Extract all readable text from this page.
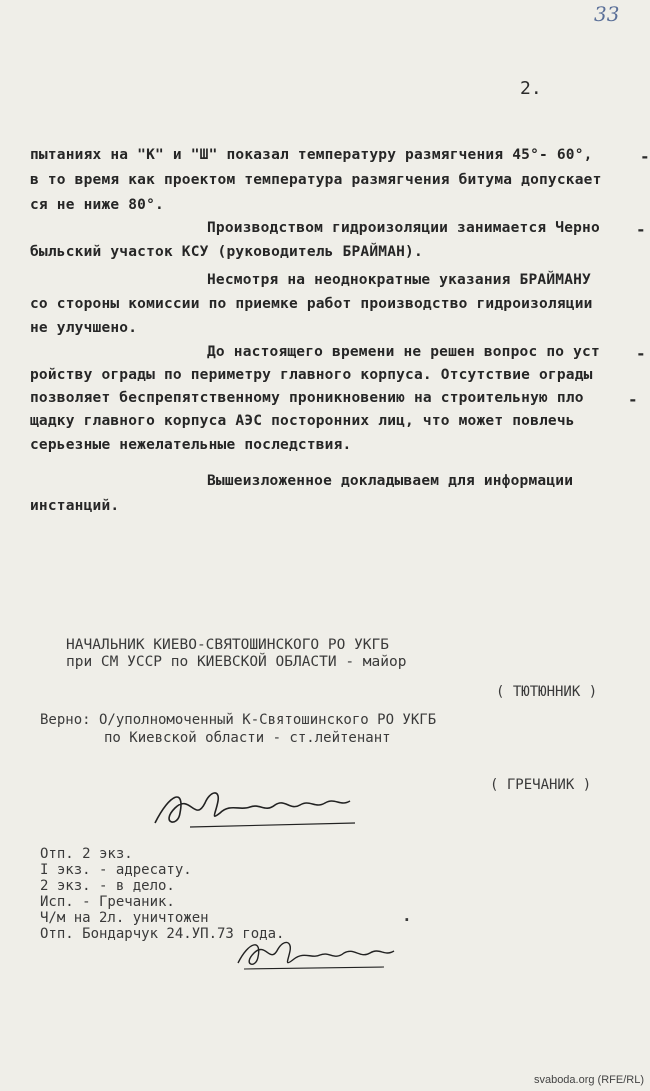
33
2.
пытаниях на "К" и "Ш" показал температуру размягчения 45°- 60°,	-
в то время как проектом температура размягчения битума допускает
ся не ниже 80°.
Производством гидроизоляции занимается Черно -
быльский участок КСУ (руководитель БРАЙМАН).
Несмотря на неоднократные указания БРАЙМАНУ
со стороны комиссии по приемке работ производство гидроизоляции
не улучшено.
До настоящего времени не решен вопрос по уст -
ройству ограды по периметру главного корпуса. Отсутствие ограды
позволяет беспрепятственному проникновению на строительную пло	-
щадку главного корпуса АЭС посторонних лиц, что может повлечь
серьезные нежелательные последствия.
Вышеизложенное докладываем для информации
инстанций.
НАЧАЛЬНИК КИЕВО-СВЯТОШИНСКОГО РО УКГБ
при СМ УССР по КИЕВСКОЙ ОБЛАСТИ - майор
( ТЮТЮННИК )
Верно: О/уполномоченный К-Святошинского РО УКГБ
по Киевской области - ст.лейтенант

( ГРЕЧАНИК )
Отп. 2 экз.
I экз. - адресату.
2 экз. - в дело.
Исп. - Гречаник.
Ч/м на 2л. уничтожен
Отп. Бондарчук 24.УП.73 года.

.
svaboda.org (RFE/RL)
